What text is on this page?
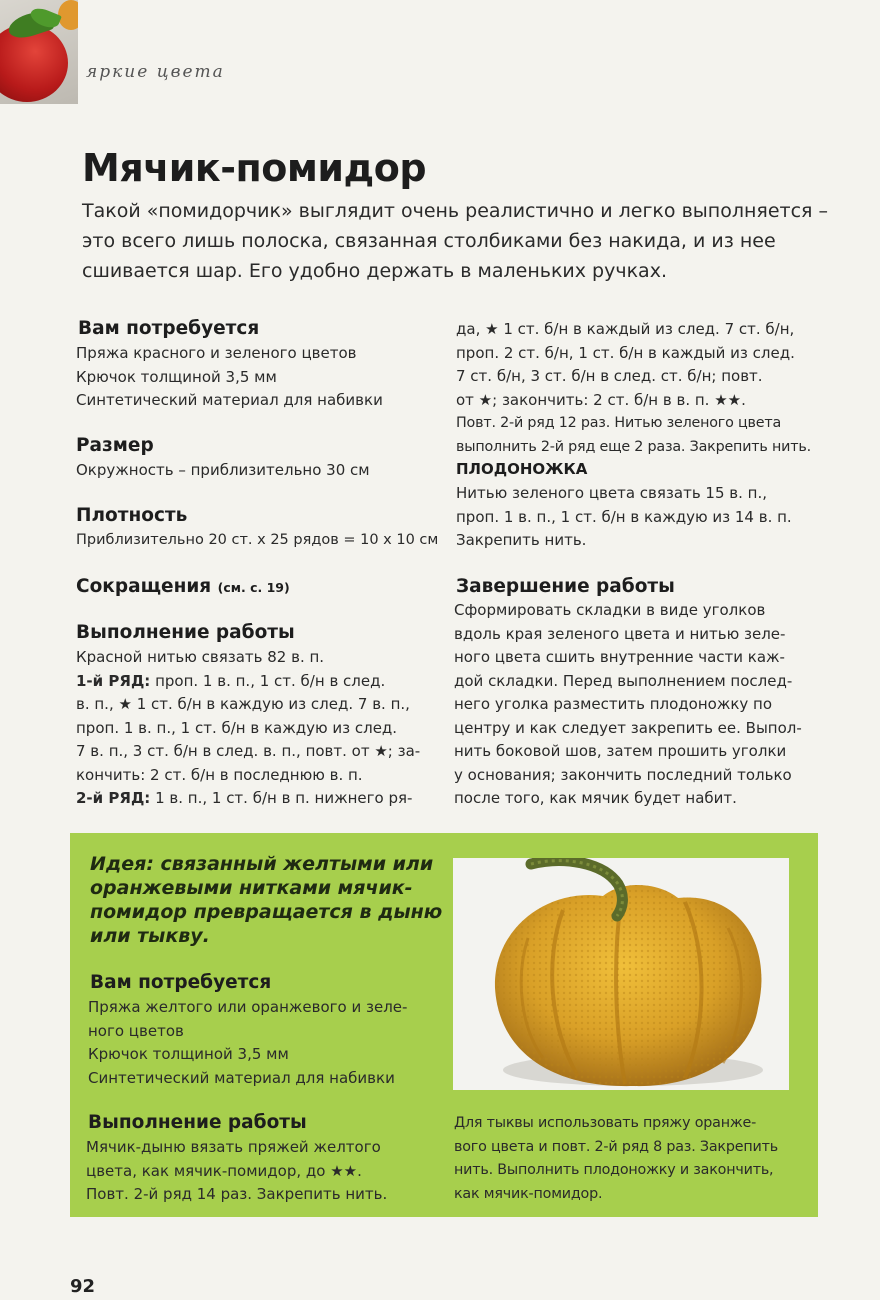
яркие цвета
Мячик-помидор
Такой «помидорчик» выглядит очень реалистично и легко выполняется – это всего лишь полоска, связанная столбиками без накида, и из нее сшивается шар. Его удобно держать в маленьких ручках.
Вам потребуется
Пряжа красного и зеленого цветов
Крючок толщиной 3,5 мм
Синтетический материал для набивки
Размер
Окружность – приблизительно 30 см
Плотность
Приблизительно 20 ст. х 25 рядов = 10 х 10 см
Сокращения (см. с. 19)
Выполнение работы
Красной нитью связать 82 в. п.
1-й РЯД: проп. 1 в. п., 1 ст. б/н в след.
в. п., ★ 1 ст. б/н в каждую из след. 7 в. п.,
проп. 1 в. п., 1 ст. б/н в каждую из след.
7 в. п., 3 ст. б/н в след. в. п., повт. от ★; за-
кончить: 2 ст. б/н в последнюю в. п.
2-й РЯД: 1 в. п., 1 ст. б/н в п. нижнего ря-
да, ★ 1 ст. б/н в каждый из след. 7 ст. б/н,
проп. 2 ст. б/н, 1 ст. б/н в каждый из след.
7 ст. б/н, 3 ст. б/н в след. ст. б/н; повт.
от ★; закончить: 2 ст. б/н в в. п. ★★.
Повт. 2-й ряд 12 раз. Нитью зеленого цвета
выполнить 2-й ряд еще 2 раза. Закрепить нить.
ПЛОДОНОЖКА
Нитью зеленого цвета связать 15 в. п.,
проп. 1 в. п., 1 ст. б/н в каждую из 14 в. п.
Закрепить нить.
Завершение работы
Сформировать складки в виде уголков
вдоль края зеленого цвета и нитью зеле-
ного цвета сшить внутренние части каж-
дой складки. Перед выполнением послед-
него уголка разместить плодоножку по
центру и как следует закрепить ее. Выпол-
нить боковой шов, затем прошить уголки
у основания; закончить последний только
после того, как мячик будет набит.
Идея: связанный желтыми или оранжевыми нитками мячик-помидор превращается в дыню или тыкву.
Вам потребуется
Пряжа желтого или оранжевого и зеле-
ного цветов
Крючок толщиной 3,5 мм
Синтетический материал для набивки
Выполнение работы
Мячик-дыню вязать пряжей желтого
цвета, как мячик-помидор, до ★★.
Повт. 2-й ряд 14 раз. Закрепить нить.
Для тыквы использовать пряжу оранже-
вого цвета и повт. 2-й ряд 8 раз. Закрепить
нить. Выполнить плодоножку и закончить,
как мячик-помидор.
92
